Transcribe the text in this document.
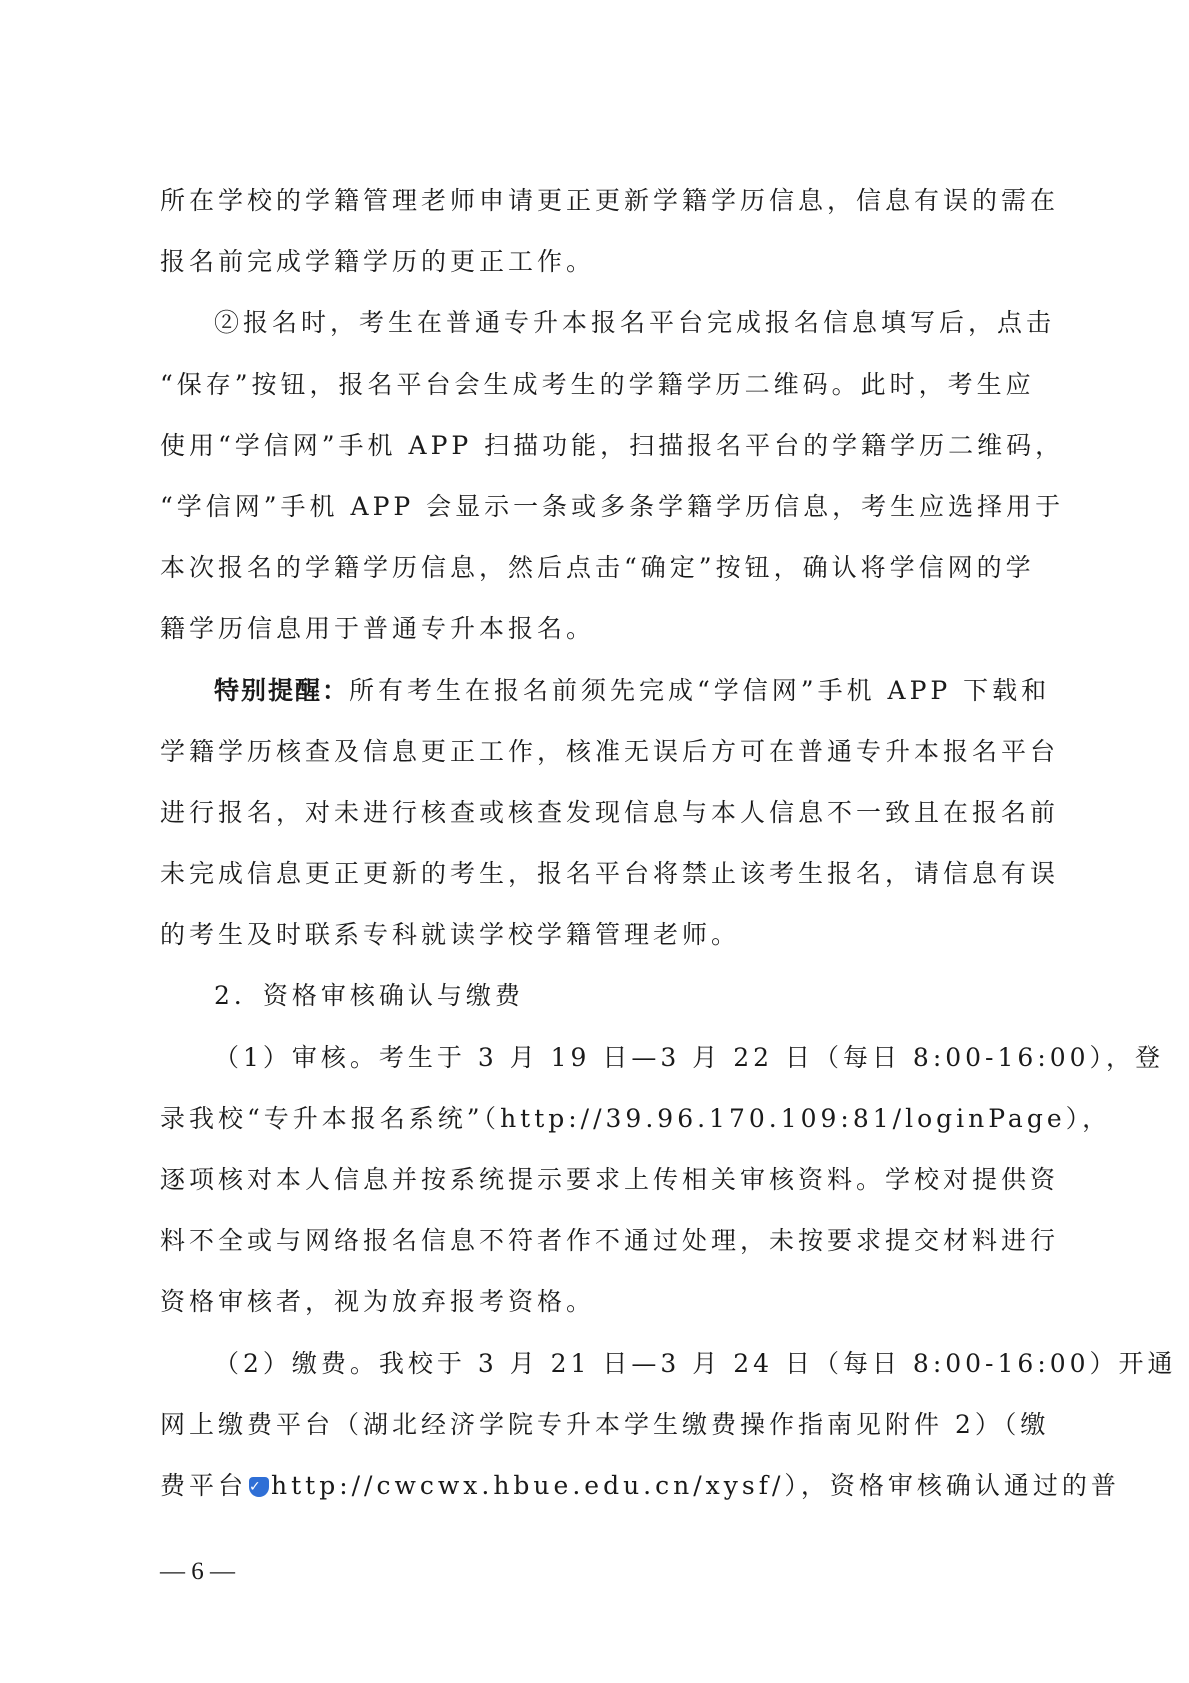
所在学校的学籍管理老师申请更正更新学籍学历信息，信息有误的需在
报名前完成学籍学历的更正工作。
②报名时，考生在普通专升本报名平台完成报名信息填写后，点击
“保存”按钮，报名平台会生成考生的学籍学历二维码。此时，考生应
使用“学信网”手机 APP 扫描功能，扫描报名平台的学籍学历二维码，
“学信网”手机 APP 会显示一条或多条学籍学历信息，考生应选择用于
本次报名的学籍学历信息，然后点击“确定”按钮，确认将学信网的学
籍学历信息用于普通专升本报名。
特别提醒：所有考生在报名前须先完成“学信网”手机 APP 下载和
学籍学历核查及信息更正工作，核准无误后方可在普通专升本报名平台
进行报名，对未进行核查或核查发现信息与本人信息不一致且在报名前
未完成信息更正更新的考生，报名平台将禁止该考生报名，请信息有误
的考生及时联系专科就读学校学籍管理老师。
2．资格审核确认与缴费
（1）审核。考生于 3 月 19 日—3 月 22 日（每日 8:00-16:00），登
录我校“专升本报名系统”（http://39.96.170.109:81/loginPage），
逐项核对本人信息并按系统提示要求上传相关审核资料。学校对提供资
料不全或与网络报名信息不符者作不通过处理，未按要求提交材料进行
资格审核者，视为放弃报考资格。
（2）缴费。我校于 3 月 21 日—3 月 24 日（每日 8:00-16:00）开通
网上缴费平台（湖北经济学院专升本学生缴费操作指南见附件 2）（缴
费平台 ✓ http://cwcwx.hbue.edu.cn/xysf/），资格审核确认通过的普
— 6 —
